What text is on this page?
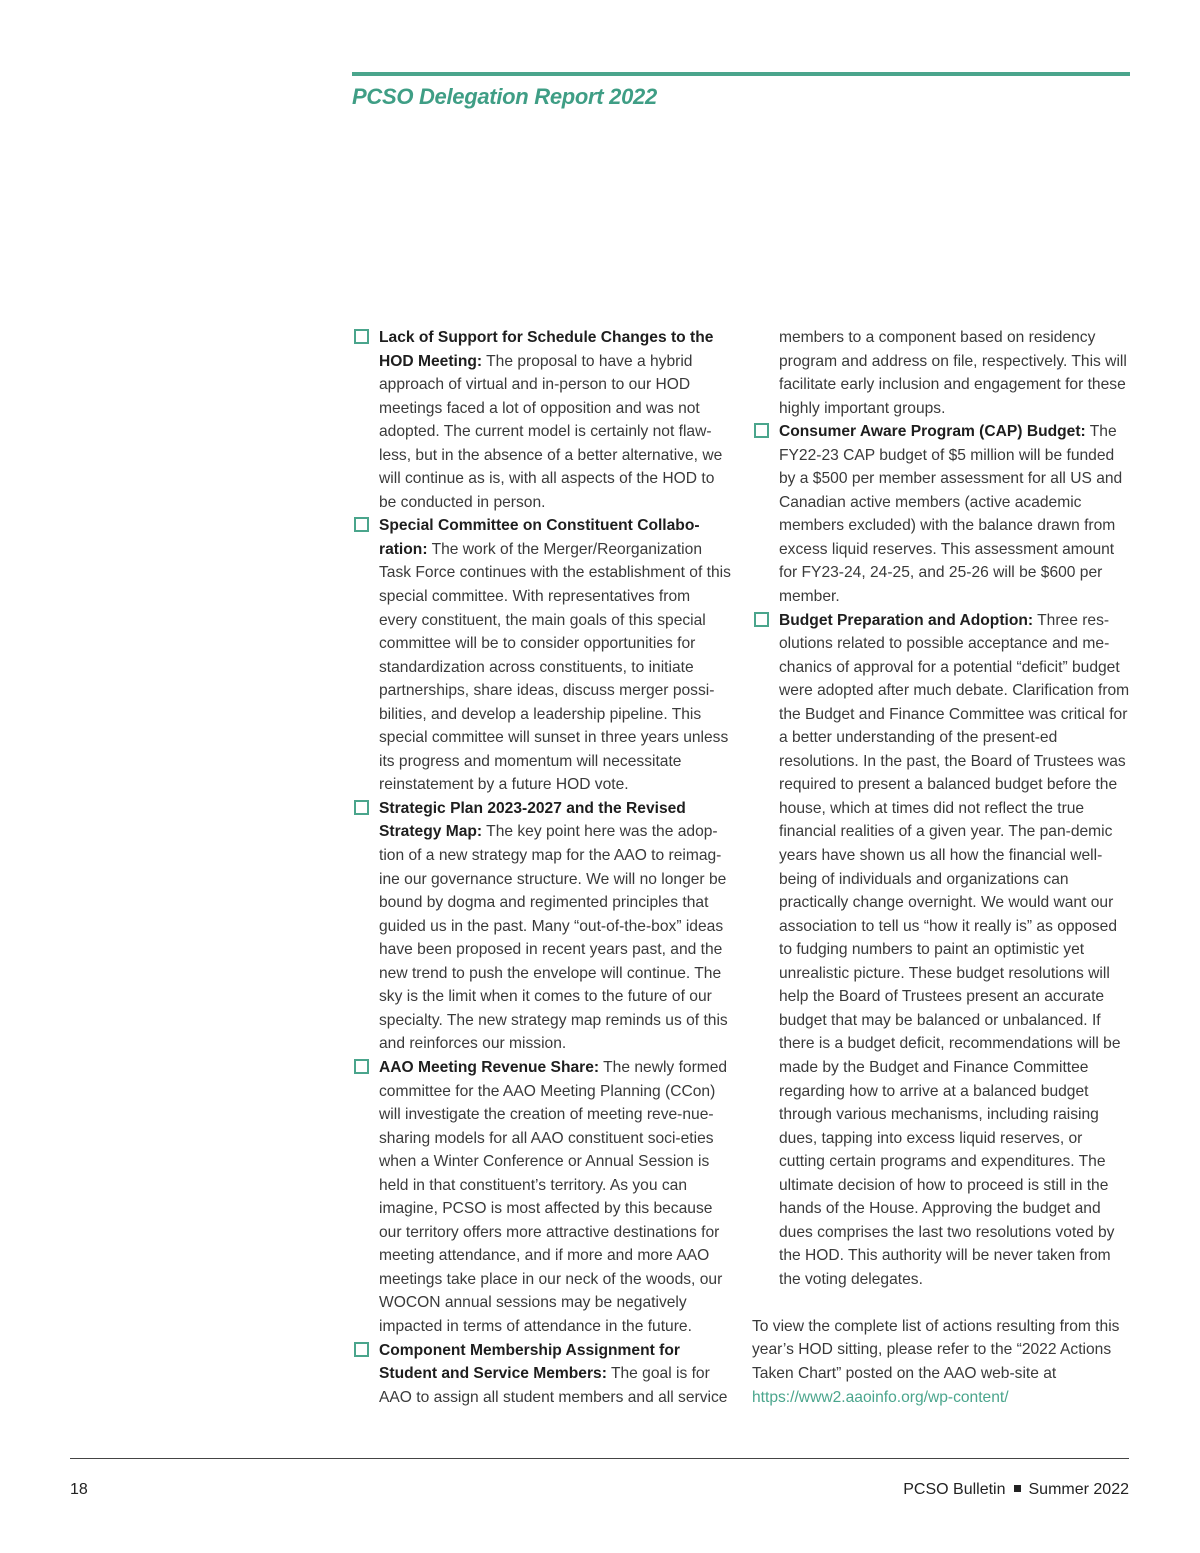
PCSO Delegation Report 2022

Lack of Support for Schedule Changes to the HOD Meeting: The proposal to have a hybrid approach of virtual and in-person to our HOD meetings faced a lot of opposition and was not adopted. The current model is certainly not flaw-less, but in the absence of a better alternative, we will continue as is, with all aspects of the HOD to be conducted in person.

Special Committee on Constituent Collabo-ration: The work of the Merger/Reorganization Task Force continues with the establishment of this special committee. With representatives from every constituent, the main goals of this special committee will be to consider opportunities for standardization across constituents, to initiate partnerships, share ideas, discuss merger possi-bilities, and develop a leadership pipeline. This special committee will sunset in three years unless its progress and momentum will necessitate reinstatement by a future HOD vote.

Strategic Plan 2023-2027 and the Revised Strategy Map: The key point here was the adop-tion of a new strategy map for the AAO to reimag-ine our governance structure. We will no longer be bound by dogma and regimented principles that guided us in the past. Many “out-of-the-box” ideas have been proposed in recent years past, and the new trend to push the envelope will continue. The sky is the limit when it comes to the future of our specialty. The new strategy map reminds us of this and reinforces our mission.

AAO Meeting Revenue Share: The newly formed committee for the AAO Meeting Planning (CCon) will investigate the creation of meeting reve-nue-sharing models for all AAO constituent soci-eties when a Winter Conference or Annual Session is held in that constituent’s territory. As you can imagine, PCSO is most affected by this because our territory offers more attractive destinations for meeting attendance, and if more and more AAO meetings take place in our neck of the woods, our WOCON annual sessions may be negatively impacted in terms of attendance in the future.

Component Membership Assignment for Student and Service Members: The goal is for AAO to assign all student members and all service

members to a component based on residency program and address on file, respectively. This will facilitate early inclusion and engagement for these highly important groups.

Consumer Aware Program (CAP) Budget: The FY22-23 CAP budget of $5 million will be funded by a $500 per member assessment for all US and Canadian active members (active academic members excluded) with the balance drawn from excess liquid reserves. This assessment amount for FY23-24, 24-25, and 25-26 will be $600 per member.

Budget Preparation and Adoption: Three res-olutions related to possible acceptance and me-chanics of approval for a potential “deficit” budget were adopted after much debate. Clarification from the Budget and Finance Committee was critical for a better understanding of the present-ed resolutions. In the past, the Board of Trustees was required to present a balanced budget before the house, which at times did not reflect the true financial realities of a given year. The pan-demic years have shown us all how the financial well-being of individuals and organizations can practically change overnight. We would want our association to tell us “how it really is” as opposed to fudging numbers to paint an optimistic yet unrealistic picture. These budget resolutions will help the Board of Trustees present an accurate budget that may be balanced or unbalanced. If there is a budget deficit, recommendations will be made by the Budget and Finance Committee regarding how to arrive at a balanced budget through various mechanisms, including raising dues, tapping into excess liquid reserves, or cutting certain programs and expenditures. The ultimate decision of how to proceed is still in the hands of the House. Approving the budget and dues comprises the last two resolutions voted by the HOD. This authority will be never taken from the voting delegates.

To view the complete list of actions resulting from this year’s HOD sitting, please refer to the “2022 Actions Taken Chart” posted on the AAO web-site at https://www2.aaoinfo.org/wp-content/

18	PCSO Bulletin Summer 2022
